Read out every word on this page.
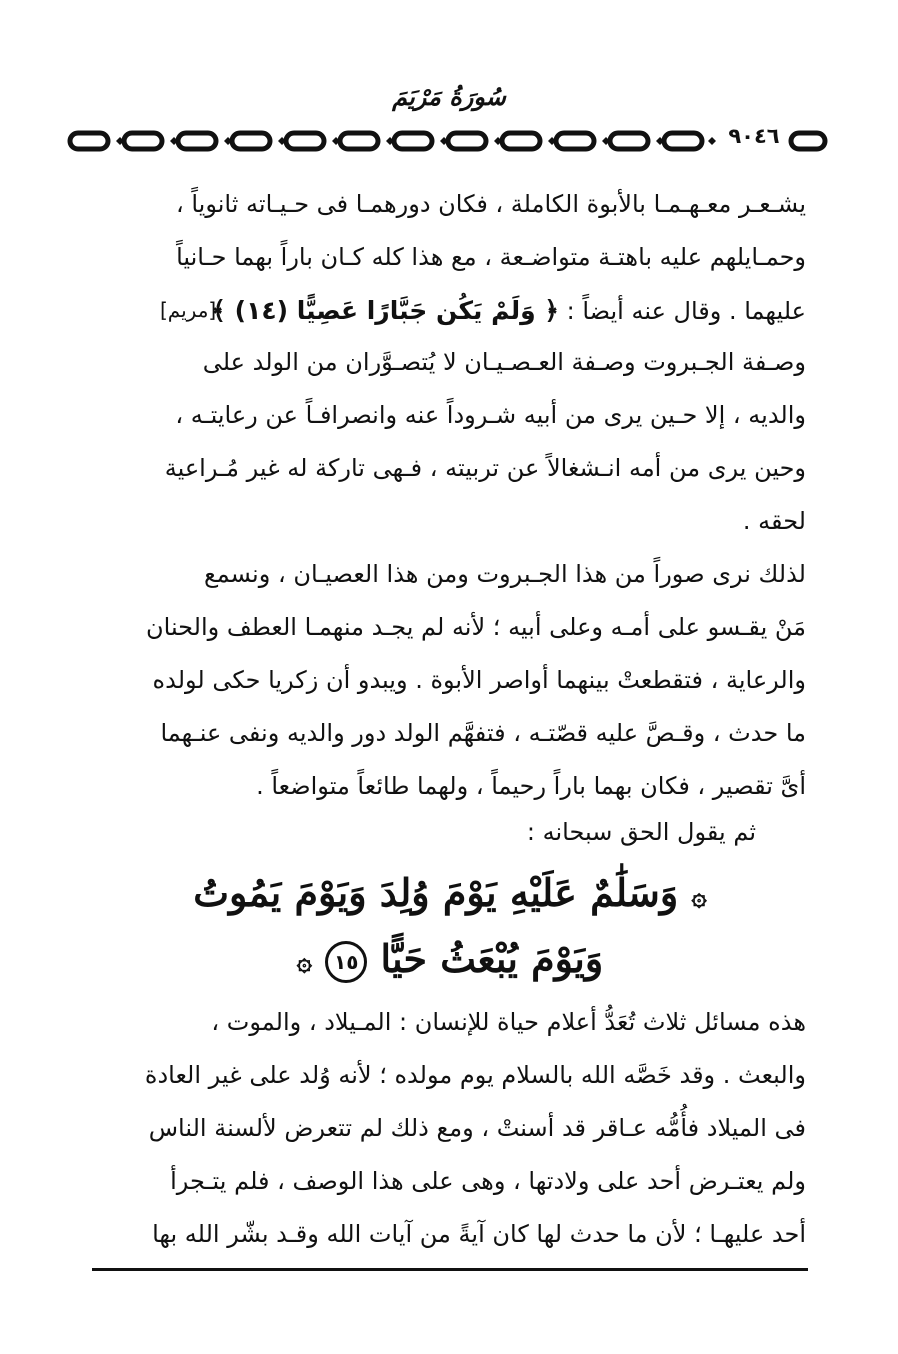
سُورَةُ مَرْيَمَ
٩٠٤٦
يشـعـر معـهـمـا بالأبوة الكاملة ، فكان دورهمـا فى حـيـاته ثانوياً ،
وحمـايلهم عليه باهتـة متواضـعة ، مع هذا كله كـان باراً بهما حـانياً
عليهما . وقال عنه أيضاً : ﴿ وَلَمْ يَكُن جَبَّارًا عَصِيًّا (١٤) ﴾
[مريم]
وصـفة الجـبروت وصـفة العـصـيـان لا يُتصـوَّران من الولد على
والديه ، إلا حـين يرى من أبيه شـروداً عنه وانصرافـاً عن رعايتـه ،
وحين يرى من أمه انـشغالاً عن تربيته ، فـهى تاركة له غير مُـراعية
لحقه .
لذلك نرى صوراً من هذا الجـبروت ومن هذا العصيـان ، ونسمع
مَنْ يقـسو على أمـه وعلى أبيه ؛ لأنه لم يجـد منهمـا العطف والحنان
والرعاية ، فتقطعتْ بينهما أواصر الأبوة . ويبدو أن زكريا حكى لولده
ما حدث ، وقـصَّ عليه قصّتـه ، فتفهَّم الولد دور والديه ونفى عنـهما
أىَّ تقصير ، فكان بهما باراً رحيماً ، ولهما طائعاً متواضعاً .
ثم يقول الحق سبحانه :
۞ وَسَلَٰمٌ عَلَيْهِ يَوْمَ وُلِدَ وَيَوْمَ يَمُوتُ
وَيَوْمَ يُبْعَثُ حَيًّا ١٥ ۞
هذه مسائل ثلاث تُعَدُّ أعلام حياة للإنسان : المـيلاد ، والموت ،
والبعث . وقد خَصَّه الله بالسلام يوم مولده ؛ لأنه وُلد على غير العادة
فى الميلاد فأُمُّه عـاقر قد أسنتْ ، ومع ذلك لم تتعرض لألسنة الناس
ولم يعتـرض أحد على ولادتها ، وهى على هذا الوصف ، فلم يتـجرأ
أحد عليهـا ؛ لأن ما حدث لها كان آيةً من آيات الله وقـد بشّر الله بها
